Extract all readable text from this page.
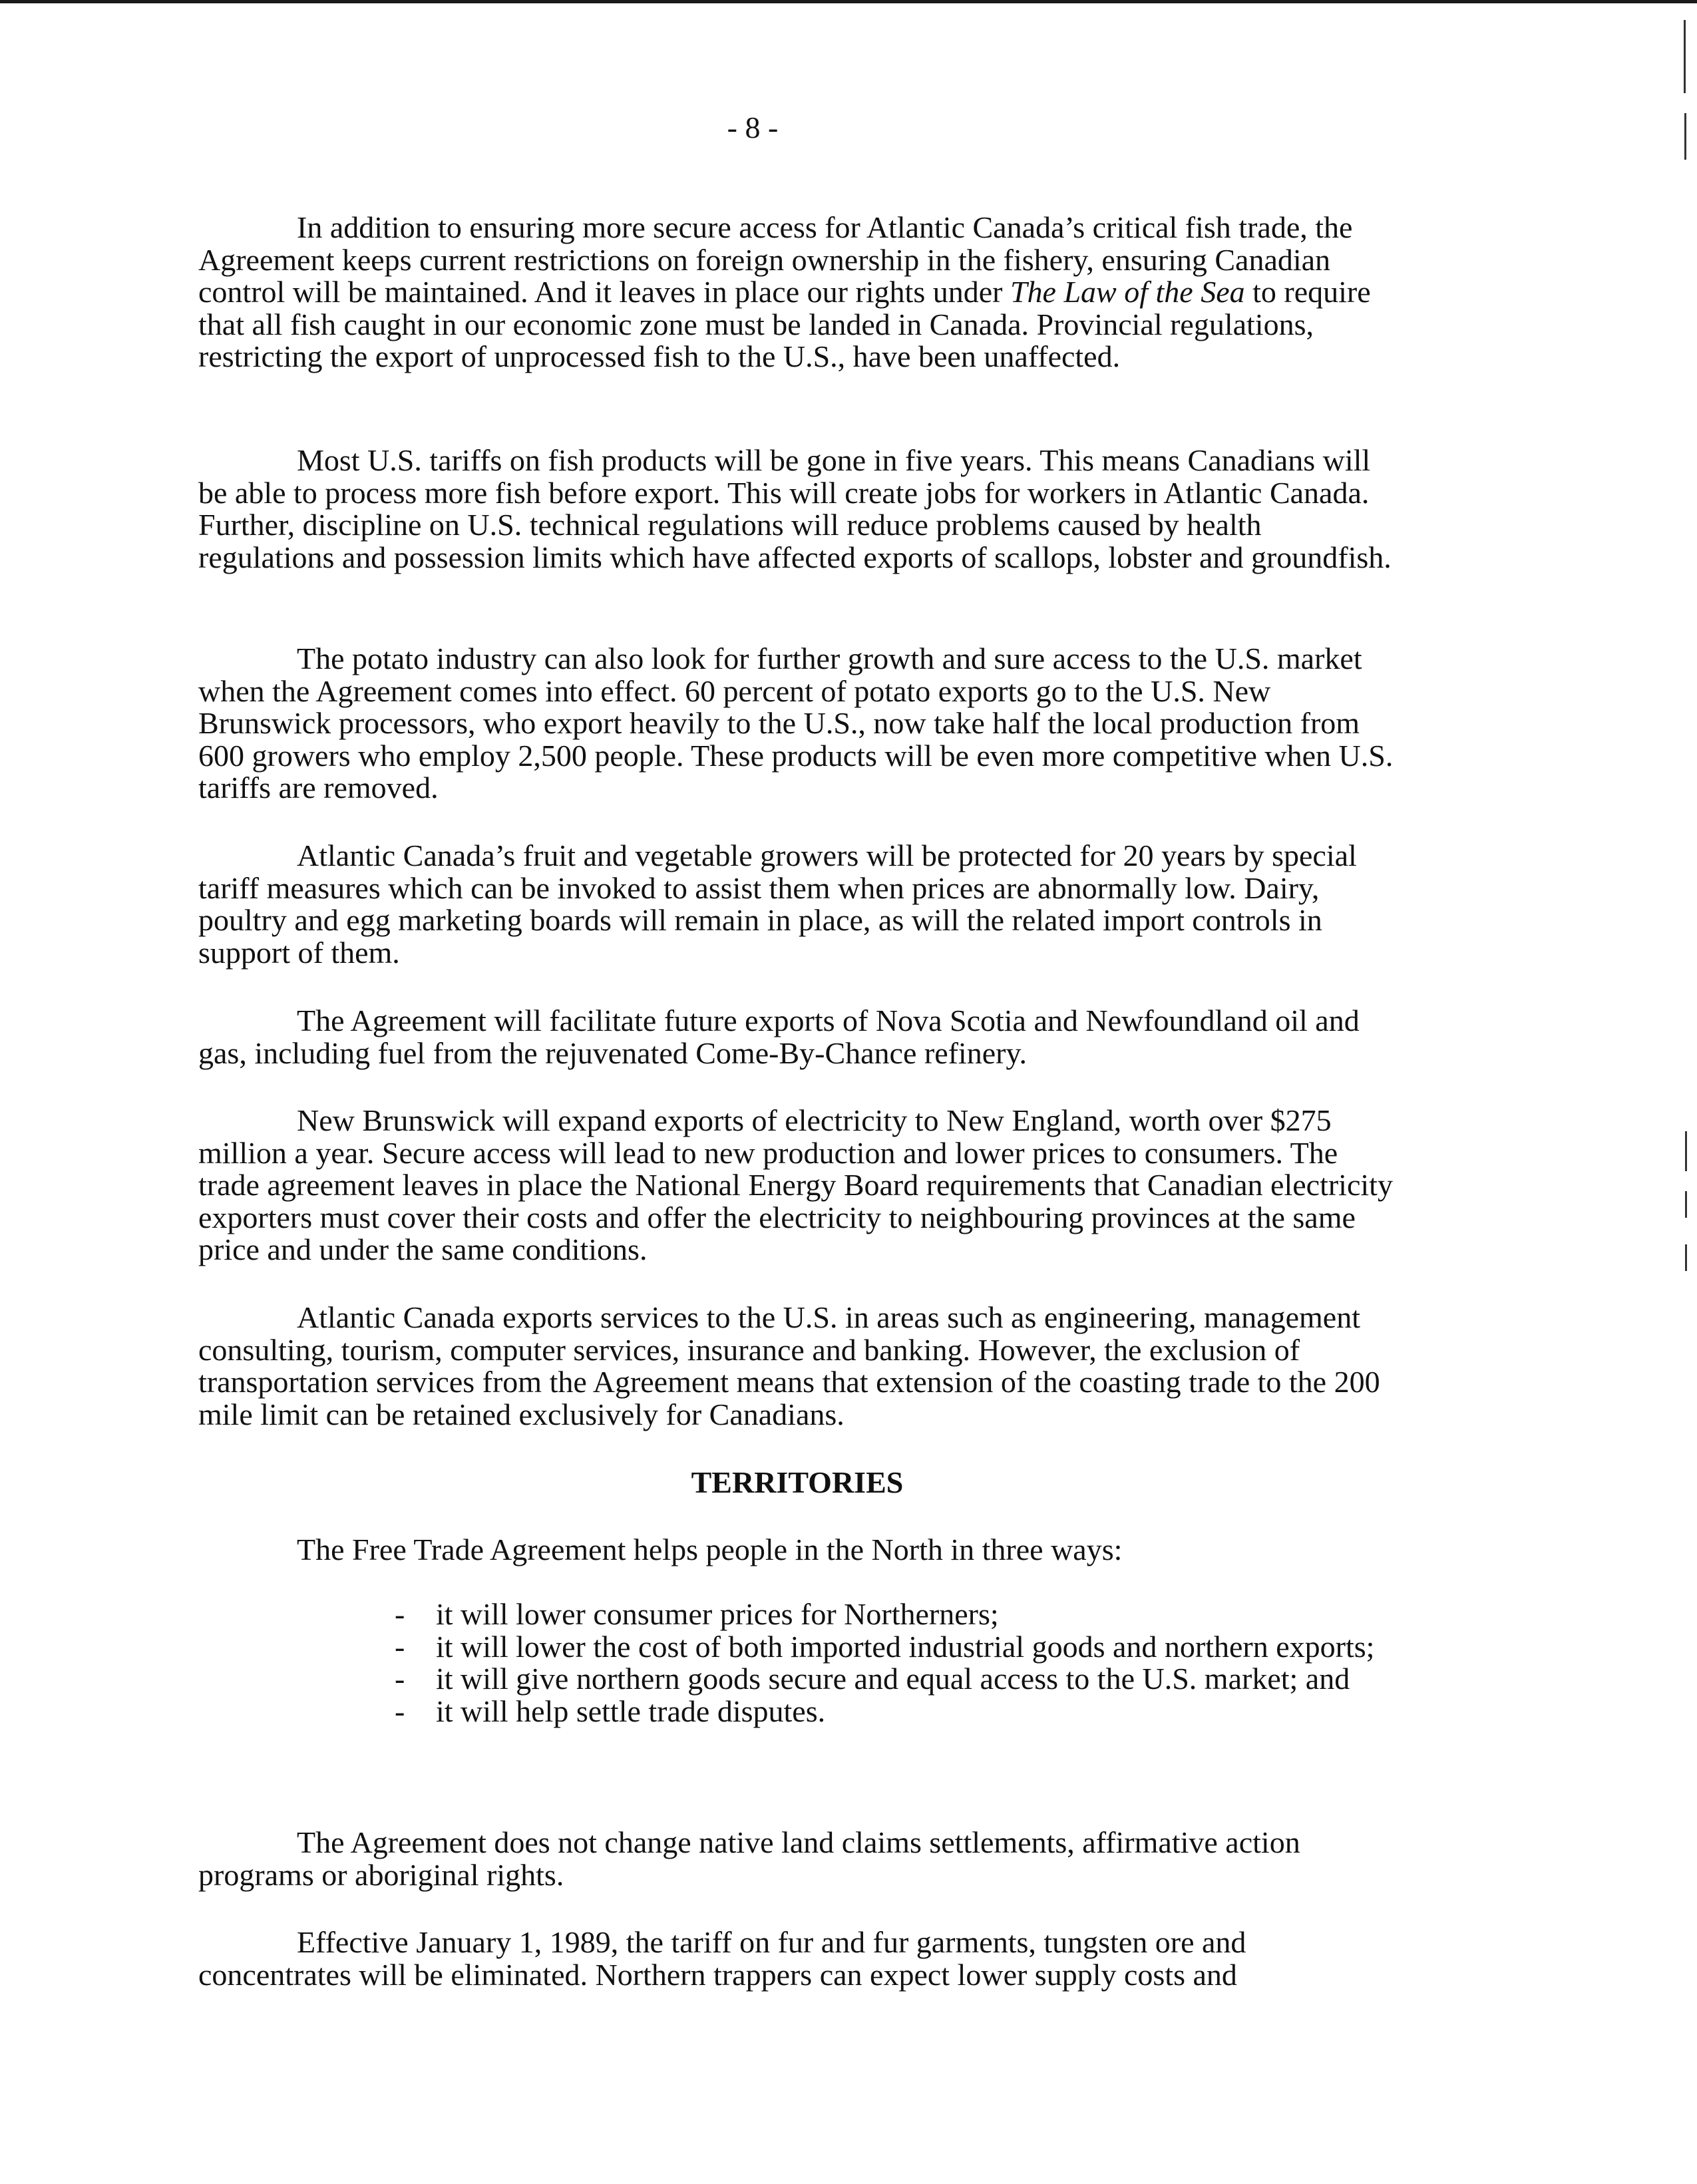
- 8 -

In addition to ensuring more secure access for Atlantic Canada’s critical fish trade, the Agreement keeps current restrictions on foreign ownership in the fishery, ensuring Canadian control will be maintained. And it leaves in place our rights under The Law of the Sea to require that all fish caught in our economic zone must be landed in Canada. Provincial regulations, restricting the export of unprocessed fish to the U.S., have been unaffected.

Most U.S. tariffs on fish products will be gone in five years. This means Canadians will be able to process more fish before export. This will create jobs for workers in Atlantic Canada. Further, discipline on U.S. technical regulations will reduce problems caused by health regulations and possession limits which have affected exports of scallops, lobster and groundfish.

The potato industry can also look for further growth and sure access to the U.S. market when the Agreement comes into effect. 60 percent of potato exports go to the U.S. New Brunswick processors, who export heavily to the U.S., now take half the local production from 600 growers who employ 2,500 people. These products will be even more competitive when U.S. tariffs are removed.

Atlantic Canada’s fruit and vegetable growers will be protected for 20 years by special tariff measures which can be invoked to assist them when prices are abnormally low. Dairy, poultry and egg marketing boards will remain in place, as will the related import controls in support of them.

The Agreement will facilitate future exports of Nova Scotia and Newfoundland oil and gas, including fuel from the rejuvenated Come-By-Chance refinery.

New Brunswick will expand exports of electricity to New England, worth over $275 million a year. Secure access will lead to new production and lower prices to consumers. The trade agreement leaves in place the National Energy Board requirements that Canadian electricity exporters must cover their costs and offer the electricity to neighbouring provinces at the same price and under the same conditions.

Atlantic Canada exports services to the U.S. in areas such as engineering, management consulting, tourism, computer services, insurance and banking. However, the exclusion of transportation services from the Agreement means that extension of the coasting trade to the 200 mile limit can be retained exclusively for Canadians.

TERRITORIES
The Free Trade Agreement helps people in the North in three ways:
- it will lower consumer prices for Northerners;
- it will lower the cost of both imported industrial goods and northern exports;
- it will give northern goods secure and equal access to the U.S. market; and
- it will help settle trade disputes.

The Agreement does not change native land claims settlements, affirmative action programs or aboriginal rights.

Effective January 1, 1989, the tariff on fur and fur garments, tungsten ore and concentrates will be eliminated. Northern trappers can expect lower supply costs and
